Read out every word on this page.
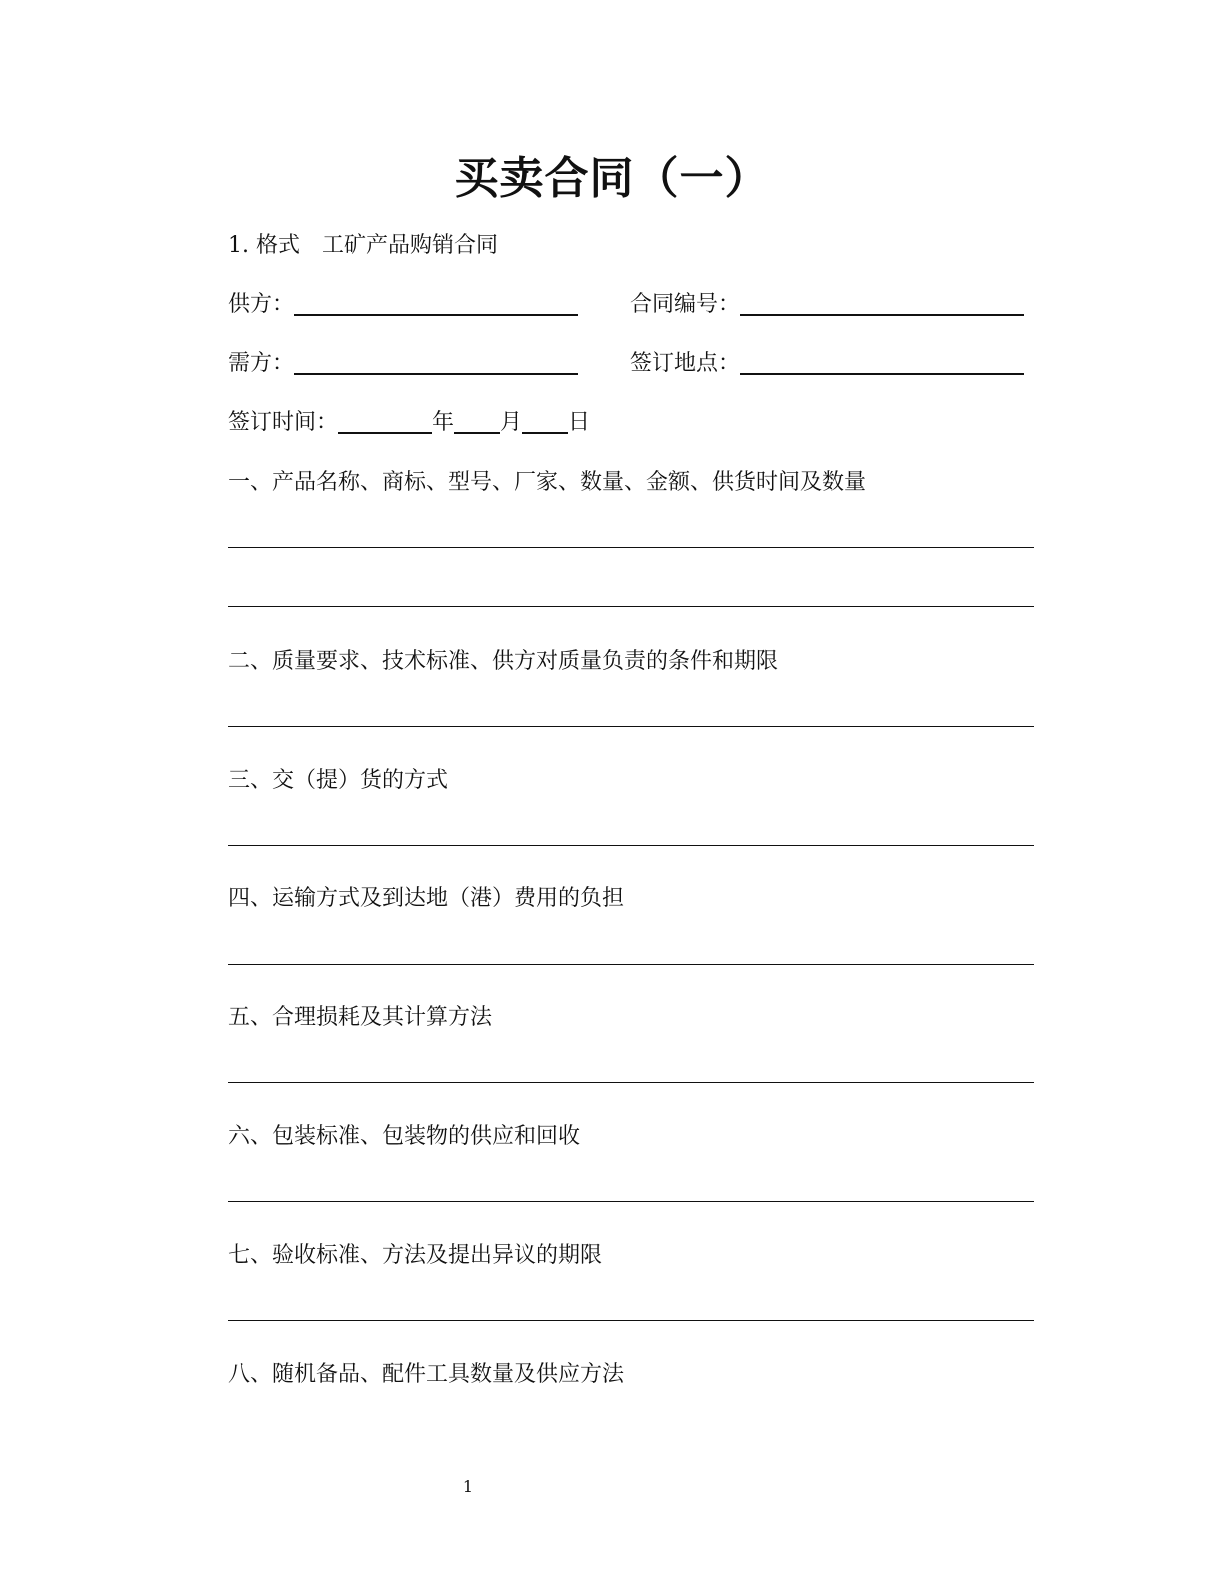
买卖合同（一）
1. 格式　工矿产品购销合同
供方：	合同编号：
需方：	签订地点：
签订时间：	年 月 日
一、产品名称、商标、型号、厂家、数量、金额、供货时间及数量
二、质量要求、技术标准、供方对质量负责的条件和期限
三、交（提）货的方式
四、运输方式及到达地（港）费用的负担
五、合理损耗及其计算方法
六、包装标准、包装物的供应和回收
七、验收标准、方法及提出异议的期限
八、随机备品、配件工具数量及供应方法
1
